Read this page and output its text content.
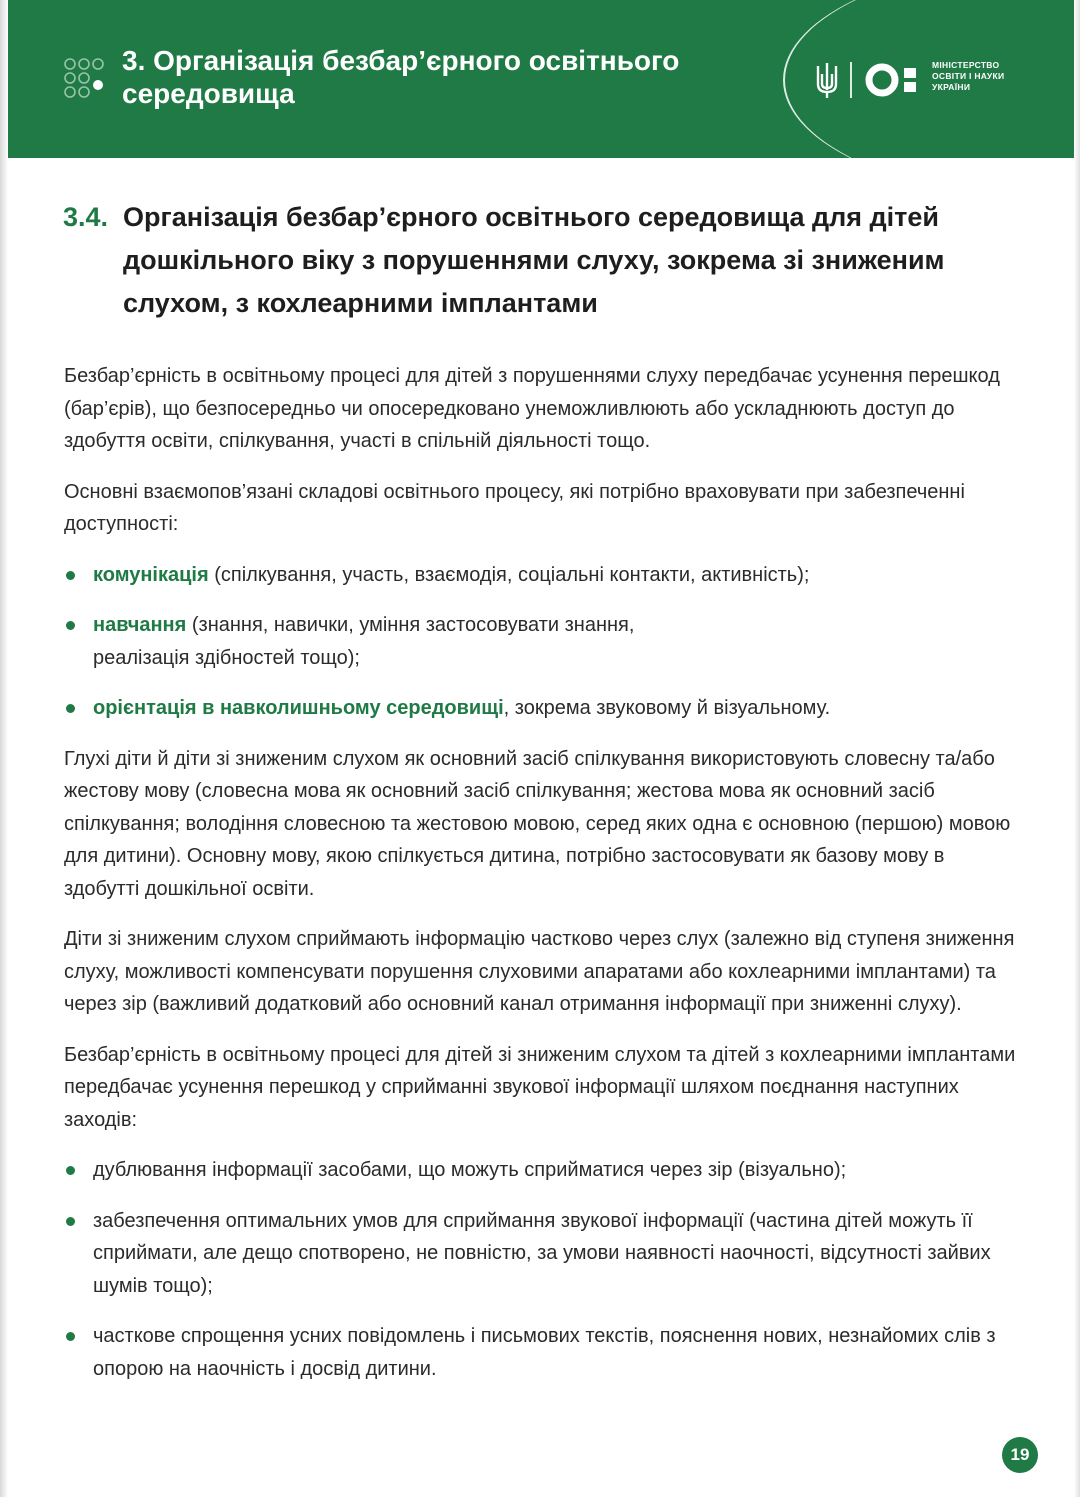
3. Організація безбар’єрного освітнього середовища
МІНІСТЕРСТВО
ОСВІТИ І НАУКИ
УКРАЇНИ
3.4. Організація безбар’єрного освітнього середовища для дітей дошкільного віку з порушеннями слуху, зокрема зі зниженим слухом, з кохлеарними імплантами

Безбар’єрність в освітньому процесі для дітей з порушеннями слуху передбачає усунення перешкод (бар’єрів), що безпосередньо чи опосередковано унеможливлюють або ускладнюють доступ до здобуття освіти, спілкування, участі в спільній діяльності тощо.

Основні взаємопов’язані складові освітнього процесу, які потрібно враховувати при забезпеченні доступності:

комунікація (спілкування, участь, взаємодія, соціальні контакти, активність);
навчання (знання, навички, уміння застосовувати знання, реалізація здібностей тощо);
орієнтація в навколишньому середовищі, зокрема звуковому й візуальному.

Глухі діти й діти зі зниженим слухом як основний засіб спілкування використовують словесну та/або жестову мову (словесна мова як основний засіб спілкування; жестова мова як основний засіб спілкування; володіння словесною та жестовою мовою, серед яких одна є основною (першою) мовою для дитини). Основну мову, якою спілкується дитина, потрібно застосовувати як базову мову в здобутті дошкільної освіти.

Діти зі зниженим слухом сприймають інформацію частково через слух (залежно від ступеня зниження слуху, можливості компенсувати порушення слуховими апаратами або кохлеарними імплантами) та через зір (важливий додатковий або основний канал отримання інформації при зниженні слуху).

Безбар’єрність в освітньому процесі для дітей зі зниженим слухом та дітей з кохлеарними імплантами передбачає усунення перешкод у сприйманні звукової інформації шляхом поєднання наступних заходів:

дублювання інформації засобами, що можуть сприйматися через зір (візуально);
забезпечення оптимальних умов для сприймання звукової інформації (частина дітей можуть її сприймати, але дещо спотворено, не повністю, за умови наявності наочності, відсутності зайвих шумів тощо);
часткове спрощення усних повідомлень і письмових текстів, пояснення нових, незнайомих слів з опорою на наочність і досвід дитини.
19
